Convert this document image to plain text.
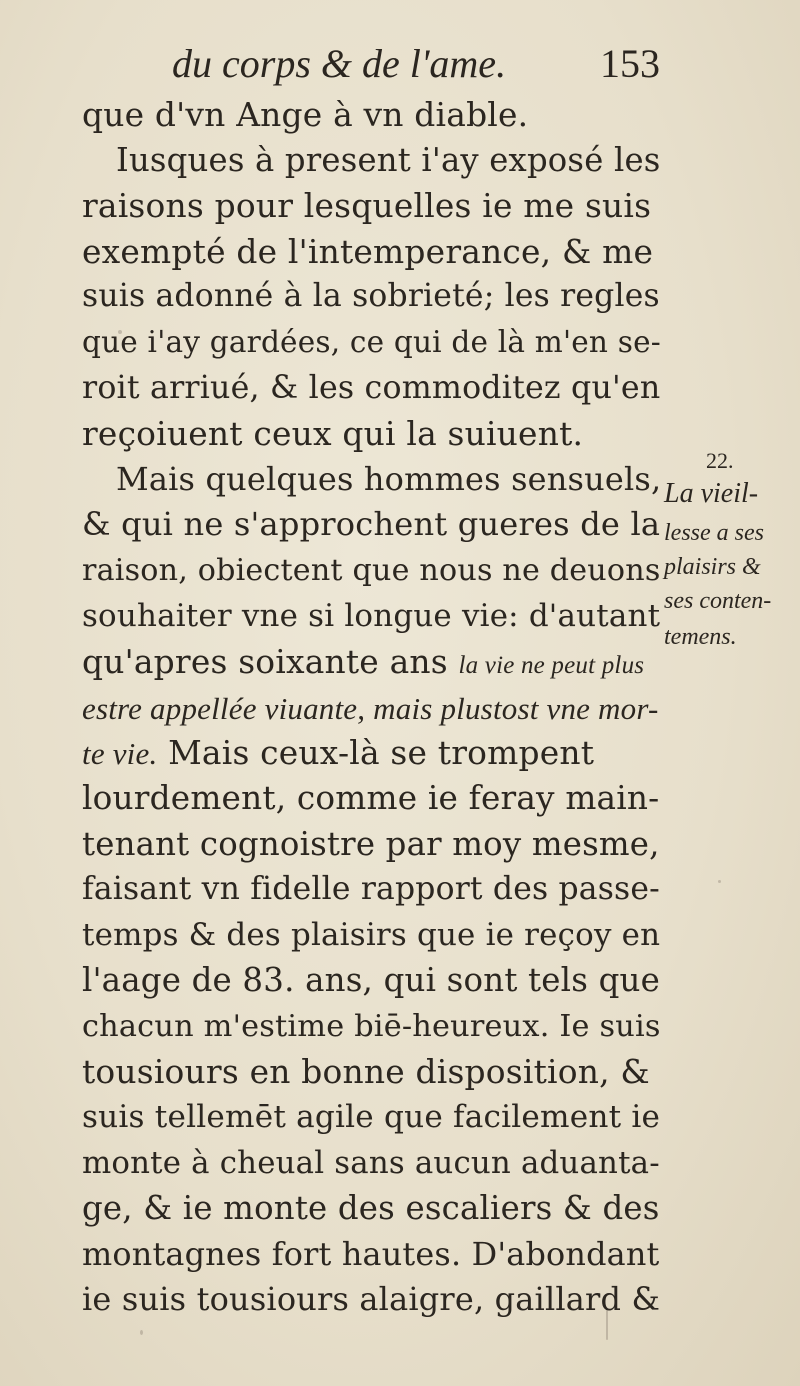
du corps & de l'ame. 153
que d'vn Ange à vn diable.
Iusques à present i'ay exposé les
raisons pour lesquelles ie me suis
exempté de l'intemperance, & me
suis adonné à la sobrieté; les regles
que i'ay gardées, ce qui de là m'en se-
roit arriué, & les commoditez qu'en
reçoiuent ceux qui la suiuent.
Mais quelques hommes sensuels,
& qui ne s'approchent gueres de la
raison, obiectent que nous ne deuons
souhaiter vne si longue vie: d'autant
qu'apres soixante ans la vie ne peut plus
estre appellée viuante, mais plustost vne mor-
te vie. Mais ceux-là se trompent
lourdement, comme ie feray main-
tenant cognoistre par moy mesme,
faisant vn fidelle rapport des passe-
temps & des plaisirs que ie reçoy en
l'aage de 83. ans, qui sont tels que
chacun m'estime biē-heureux. Ie suis
tousiours en bonne disposition, &
suis tellemēt agile que facilement ie
monte à cheual sans aucun aduanta-
ge, & ie monte des escaliers & des
montagnes fort hautes. D'abondant
ie suis tousiours alaigre, gaillard &
22.
La vieil-
lesse a ses
plaisirs &
ses conten-
temens.
